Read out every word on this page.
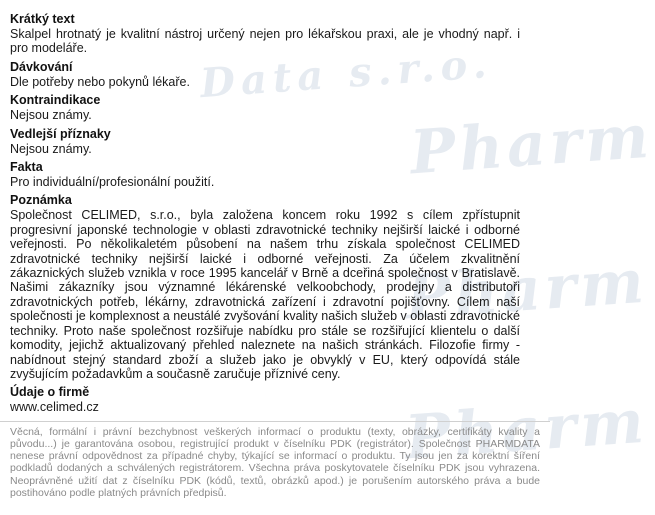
Data s.r.o.
Pharm
Pharm
Pharm
Krátký text
Skalpel hrotnatý je kvalitní nástroj určený nejen pro lékařskou praxi, ale je vhodný např. i pro modeláře.
Dávkování
Dle potřeby nebo pokynů lékaře.
Kontraindikace
Nejsou známy.
Vedlejší příznaky
Nejsou známy.
Fakta
Pro individuální/profesionální použití.
Poznámka
Společnost CELIMED, s.r.o., byla založena koncem roku 1992 s cílem zpřístupnit progresivní japonské technologie v oblasti zdravotnické techniky nejširší laické i odborné veřejnosti. Po několikaletém působení na našem trhu získala společnost CELIMED zdravotnické techniky nejširší laické i odborné veřejnosti. Za účelem zkvalitnění zákaznických služeb vznikla v roce 1995 kancelář v Brně a dceřiná společnost v Bratislavě. Našimi zákazníky jsou významné lékárenské velkoobchody, prodejny a distributoři zdravotnických potřeb, lékárny, zdravotnická zařízení i zdravotní pojišťovny. Cílem naší společnosti je komplexnost a neustálé zvyšování kvality našich služeb v oblasti zdravotnické techniky. Proto naše společnost rozšiřuje nabídku pro stále se rozšiřující klientelu o další komodity, jejichž aktualizovaný přehled naleznete na našich stránkách. Filozofie firmy - nabídnout stejný standard zboží a služeb jako je obvyklý v EU, který odpovídá stále zvyšujícím požadavkům a současně zaručuje příznivé ceny.
Údaje o firmě
www.celimed.cz
Věcná, formální i právní bezchybnost veškerých informací o produktu (texty, obrázky, certifikáty kvality a původu...) je garantována osobou, registrující produkt v číselníku PDK (registrátor). Společnost PHARMDATA nenese právní odpovědnost za případné chyby, týkající se informací o produktu. Ty jsou jen za korektní šíření podkladů dodaných a schválených registrátorem. Všechna práva poskytovatele číselníku PDK jsou vyhrazena. Neoprávněné užití dat z číselníku PDK (kódů, textů, obrázků apod.) je porušením autorského práva a bude postihováno podle platných právních předpisů.
